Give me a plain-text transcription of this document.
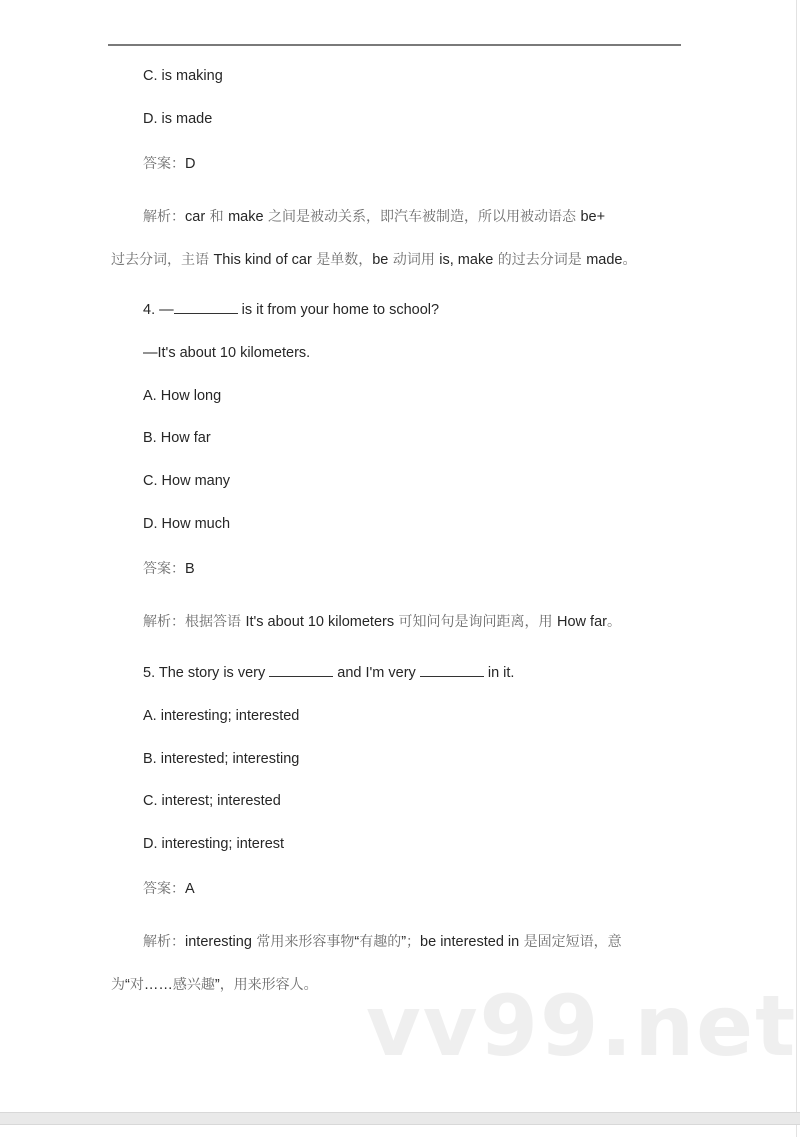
C. is making
D. is made
答案：D
解析：car 和 make 之间是被动关系，即汽车被制造，所以用被动语态 be+
过去分词，主语 This kind of car 是单数，be 动词用 is, make 的过去分词是 made。
4. —	is it from your home to school?
—It's about 10 kilometers.
A. How long
B. How far
C. How many
D. How much
答案：B
解析：根据答语 It's about 10 kilometers 可知问句是询问距离，用 How far。
5. The story is very	and I'm very	in it.
A. interesting; interested
B. interested; interesting
C. interest; interested
D. interesting; interest
答案：A
解析：interesting 常用来形容事物“有趣的”；be interested in 是固定短语，意
为“对……感兴趣”，用来形容人。 vv99.net
